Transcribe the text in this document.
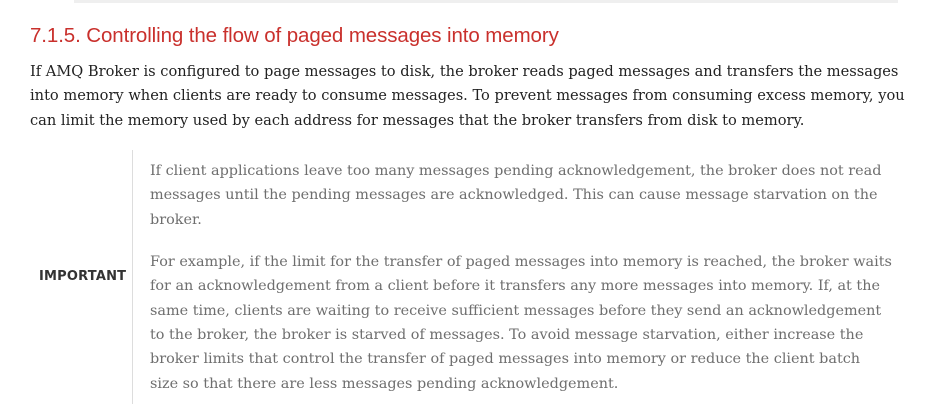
7.1.5. Controlling the flow of paged messages into memory

If AMQ Broker is configured to page messages to disk, the broker reads paged messages and transfers the messages into memory when clients are ready to consume messages. To prevent messages from consuming excess memory, you can limit the memory used by each address for messages that the broker transfers from disk to memory.

IMPORTANT

If client applications leave too many messages pending acknowledgement, the broker does not read messages until the pending messages are acknowledged. This can cause message starvation on the broker.

For example, if the limit for the transfer of paged messages into memory is reached, the broker waits for an acknowledgement from a client before it transfers any more messages into memory. If, at the same time, clients are waiting to receive sufficient messages before they send an acknowledgement to the broker, the broker is starved of messages. To avoid message starvation, either increase the broker limits that control the transfer of paged messages into memory or reduce the client batch size so that there are less messages pending acknowledgement.
